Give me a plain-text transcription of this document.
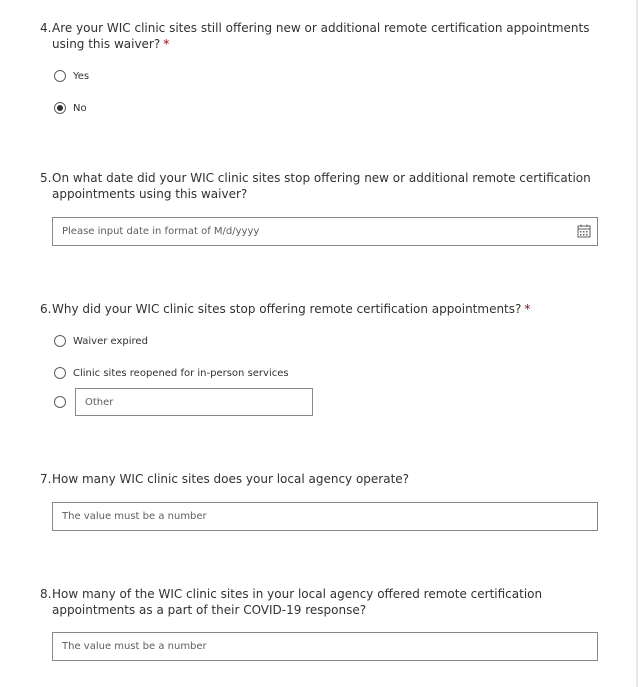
4. Are your WIC clinic sites still offering new or additional remote certification appointments using this waiver? *
Yes
No
5. On what date did your WIC clinic sites stop offering new or additional remote certification appointments using this waiver?
Please input date in format of M/d/yyyy
6. Why did your WIC clinic sites stop offering remote certification appointments? *
Waiver expired
Clinic sites reopened for in-person services
Other
7. How many WIC clinic sites does your local agency operate?
The value must be a number
8. How many of the WIC clinic sites in your local agency offered remote certification appointments as a part of their COVID-19 response?
The value must be a number
